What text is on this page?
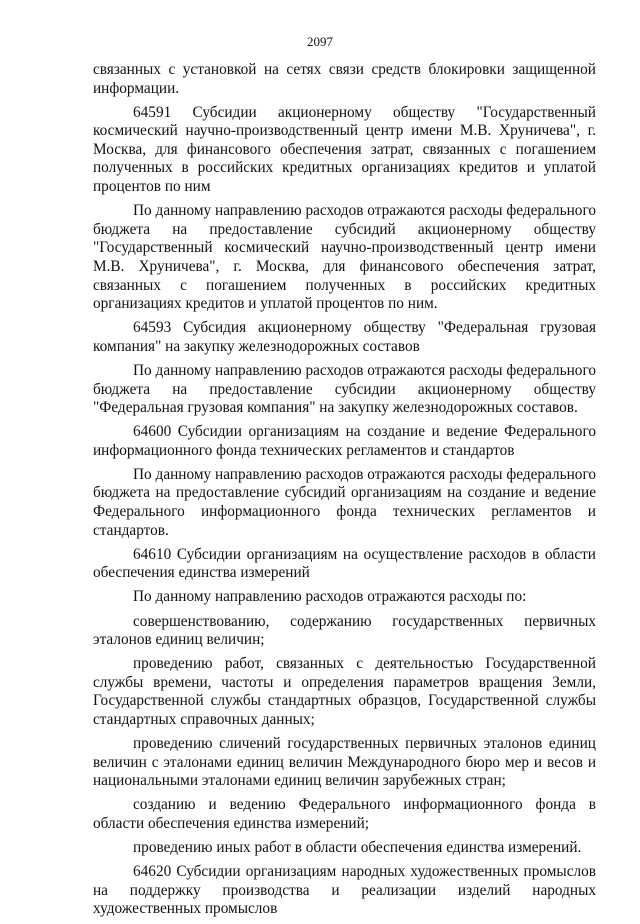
2097

связанных с установкой на сетях связи средств блокировки защищенной информации.

64591 Субсидии акционерному обществу "Государственный космический научно-производственный центр имени М.В. Хруничева", г. Москва, для финансового обеспечения затрат, связанных с погашением полученных в российских кредитных организациях кредитов и уплатой процентов по ним

По данному направлению расходов отражаются расходы федерального бюджета на предоставление субсидий акционерному обществу "Государственный космический научно-производственный центр имени М.В. Хруничева", г. Москва, для финансового обеспечения затрат, связанных с погашением полученных в российских кредитных организациях кредитов и уплатой процентов по ним.

64593 Субсидия акционерному обществу "Федеральная грузовая компания" на закупку железнодорожных составов

По данному направлению расходов отражаются расходы федерального бюджета на предоставление субсидии акционерному обществу "Федеральная грузовая компания" на закупку железнодорожных составов.

64600 Субсидии организациям на создание и ведение Федерального информационного фонда технических регламентов и стандартов

По данному направлению расходов отражаются расходы федерального бюджета на предоставление субсидий организациям на создание и ведение Федерального информационного фонда технических регламентов и стандартов.

64610 Субсидии организациям на осуществление расходов в области обеспечения единства измерений

По данному направлению расходов отражаются расходы по:

совершенствованию, содержанию государственных первичных эталонов единиц величин;

проведению работ, связанных с деятельностью Государственной службы времени, частоты и определения параметров вращения Земли, Государственной службы стандартных образцов, Государственной службы стандартных справочных данных;

проведению сличений государственных первичных эталонов единиц величин с эталонами единиц величин Международного бюро мер и весов и национальными эталонами единиц величин зарубежных стран;

созданию и ведению Федерального информационного фонда в области обеспечения единства измерений;

проведению иных работ в области обеспечения единства измерений.

64620 Субсидии организациям народных художественных промыслов на поддержку производства и реализации изделий народных художественных промыслов
